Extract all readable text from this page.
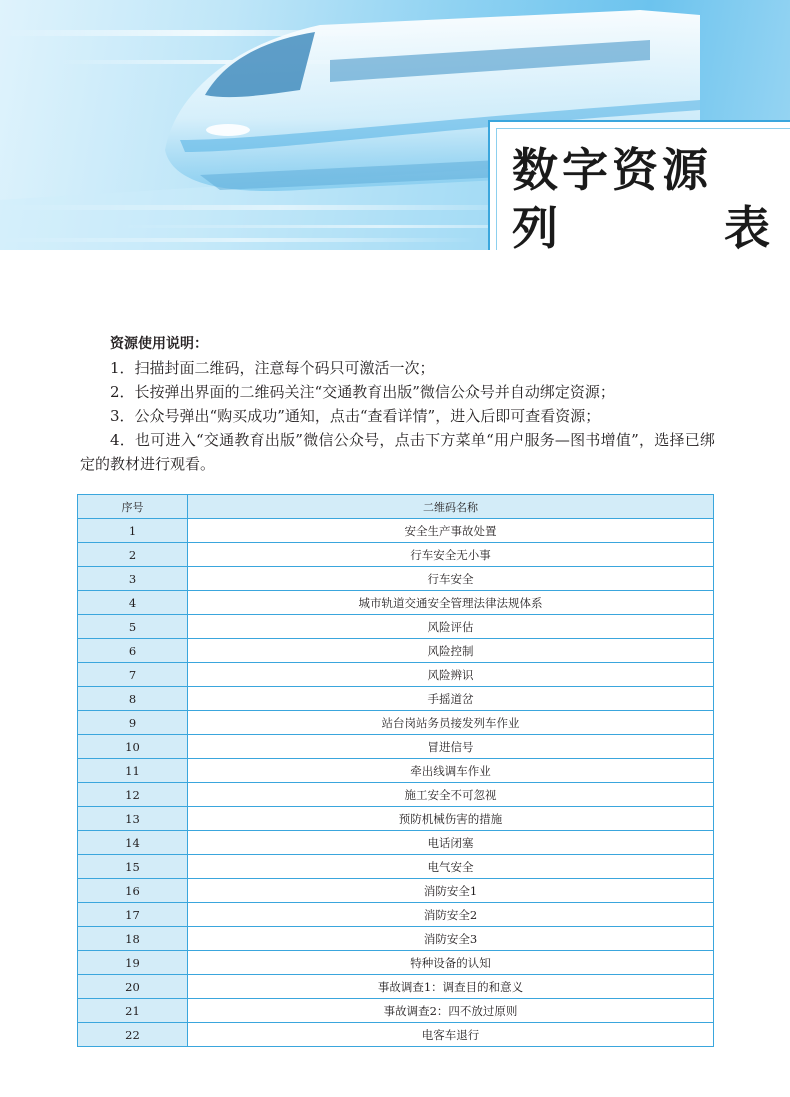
数字资源
列	表
资源使用说明：
1．扫描封面二维码，注意每个码只可激活一次；
2．长按弹出界面的二维码关注“交通教育出版”微信公众号并自动绑定资源；
3．公众号弹出“购买成功”通知，点击“查看详情”，进入后即可查看资源；
4．也可进入“交通教育出版”微信公众号，点击下方菜单“用户服务—图书增值”，选择已绑定的教材进行观看。
序号	二维码名称
1	安全生产事故处置
2	行车安全无小事
3	行车安全
4	城市轨道交通安全管理法律法规体系
5	风险评估
6	风险控制
7	风险辨识
8	手摇道岔
9	站台岗站务员接发列车作业
10	冒进信号
11	牵出线调车作业
12	施工安全不可忽视
13	预防机械伤害的措施
14	电话闭塞
15	电气安全
16	消防安全1
17	消防安全2
18	消防安全3
19	特种设备的认知
20	事故调查1：调查目的和意义
21	事故调查2：四不放过原则
22	电客车退行
